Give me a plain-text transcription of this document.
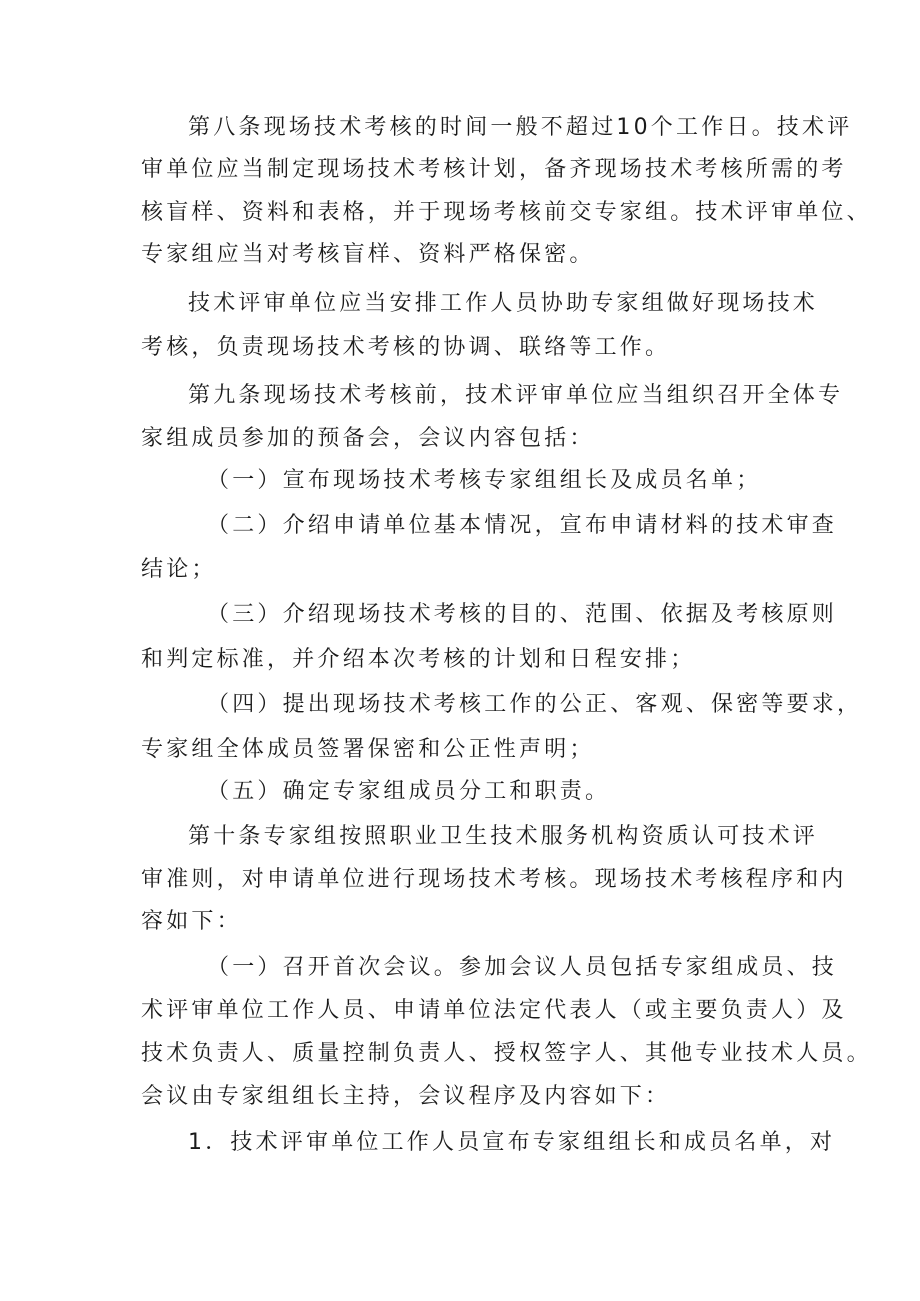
第八条现场技术考核的时间一般不超过10个工作日。技术评
审单位应当制定现场技术考核计划，备齐现场技术考核所需的考
核盲样、资料和表格，并于现场考核前交专家组。技术评审单位、
专家组应当对考核盲样、资料严格保密。
技术评审单位应当安排工作人员协助专家组做好现场技术
考核，负责现场技术考核的协调、联络等工作。
第九条现场技术考核前，技术评审单位应当组织召开全体专
家组成员参加的预备会，会议内容包括：
（一）宣布现场技术考核专家组组长及成员名单；
（二）介绍申请单位基本情况，宣布申请材料的技术审查
结论；
（三）介绍现场技术考核的目的、范围、依据及考核原则
和判定标准，并介绍本次考核的计划和日程安排；
（四）提出现场技术考核工作的公正、客观、保密等要求，
专家组全体成员签署保密和公正性声明；
（五）确定专家组成员分工和职责。
第十条专家组按照职业卫生技术服务机构资质认可技术评
审准则，对申请单位进行现场技术考核。现场技术考核程序和内
容如下：
（一）召开首次会议。参加会议人员包括专家组成员、技
术评审单位工作人员、申请单位法定代表人（或主要负责人）及
技术负责人、质量控制负责人、授权签字人、其他专业技术人员。
会议由专家组组长主持，会议程序及内容如下：
1．技术评审单位工作人员宣布专家组组长和成员名单，对
